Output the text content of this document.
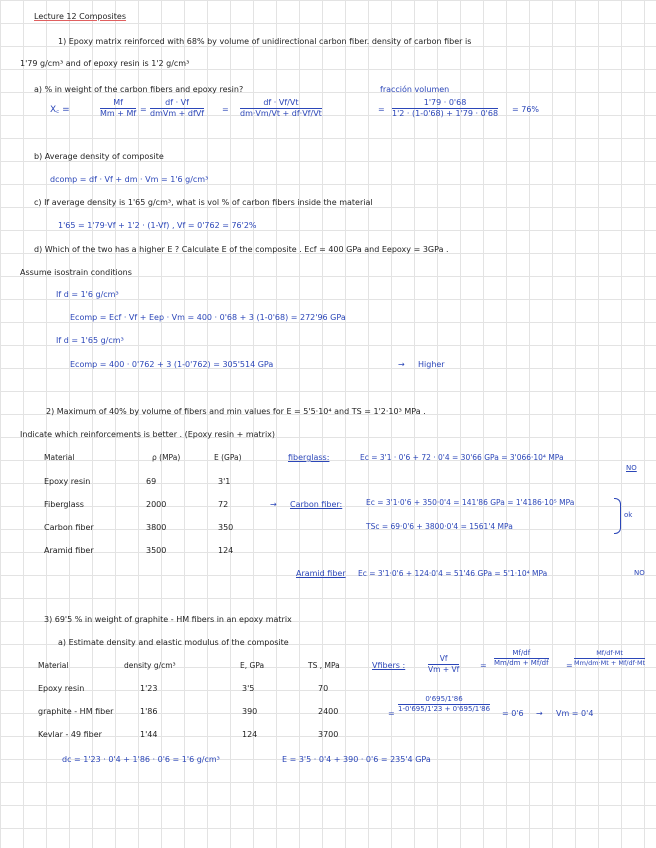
Lecture 12 Composites
1) Epoxy matrix reinforced with 68% by volume of unidirectional carbon fiber. density of carbon fiber is
1'79 g/cm³ and of epoxy resin is 1'2 g/cm³
a) % in weight of the carbon fibers and epoxy resin?	fracción volumen
X꜀ =
Mf
Mm + Mf =
df · Vf
dmVm + dfVf =
df · Vf/Vt
dm·Vm/Vt + df·Vf/Vt	=
1'79 · 0'68
1'2 · (1-0'68) + 1'79 · 0'68 = 76%
b) Average density of composite
dcomp = df · Vf + dm · Vm = 1'6 g/cm³
c) If average density is 1'65 g/cm³, what is vol % of carbon fibers inside the material
1'65 = 1'79·Vf + 1'2 · (1-Vf) , Vf = 0'762 = 76'2%
d) Which of the two has a higher E ? Calculate E of the composite . Ecf = 400 GPa and Eepoxy = 3GPa .
Assume isostrain conditions
If d = 1'6 g/cm³
Ecomp = Ecf · Vf + Eep · Vm = 400 · 0'68 + 3 (1-0'68) = 272'96 GPa
If d = 1'65 g/cm³
Ecomp = 400 · 0'762 + 3 (1-0'762) = 305'514 GPa	→ Higher
2) Maximum of 40% by volume of fibers and min values for E = 5'5·10⁴ and TS = 1'2·10³ MPa .
Indicate which reinforcements is better . (Epoxy resin + matrix)
Material	ρ (MPa)	E (GPa)
Epoxy resin	69	3'1
Fiberglass	2000	72
Carbon fiber	3800	350
Aramid fiber	3500	124
fiberglass:	Ec = 3'1 · 0'6 + 72 · 0'4 = 30'66 GPa = 3'066·10⁴ MPa
NO
→ Carbon fiber:	Ec = 3'1·0'6 + 350·0'4 = 141'86 GPa = 1'4186·10⁵ MPa
TSc = 69·0'6 + 3800·0'4 = 1561'4 MPa
ok
Aramid fiber Ec = 3'1·0'6 + 124·0'4 = 51'46 GPa = 5'1·10⁴ MPa	NO
3) 69'5 % in weight of graphite - HM fibers in an epoxy matrix
a) Estimate density and elastic modulus of the composite
Material	density g/cm³	E, GPa	TS , MPa
Epoxy resin	1'23	3'5	70
graphite - HM fiber	1'86	390	2400
Kevlar - 49 fiber	1'44	124	3700
Vfibers :
Vf
Vm + Vf	=
Mf/df
Mm/dm + Mf/df =
Mf/df·Mt
Mm/dm·Mt + Mf/df·Mt
=
0'695/1'86
1-0'695/1'23 + 0'695/1'86 = 0'6 → Vm = 0'4
dc = 1'23 · 0'4 + 1'86 · 0'6 = 1'6 g/cm³	E = 3'5 · 0'4 + 390 · 0'6 = 235'4 GPa
